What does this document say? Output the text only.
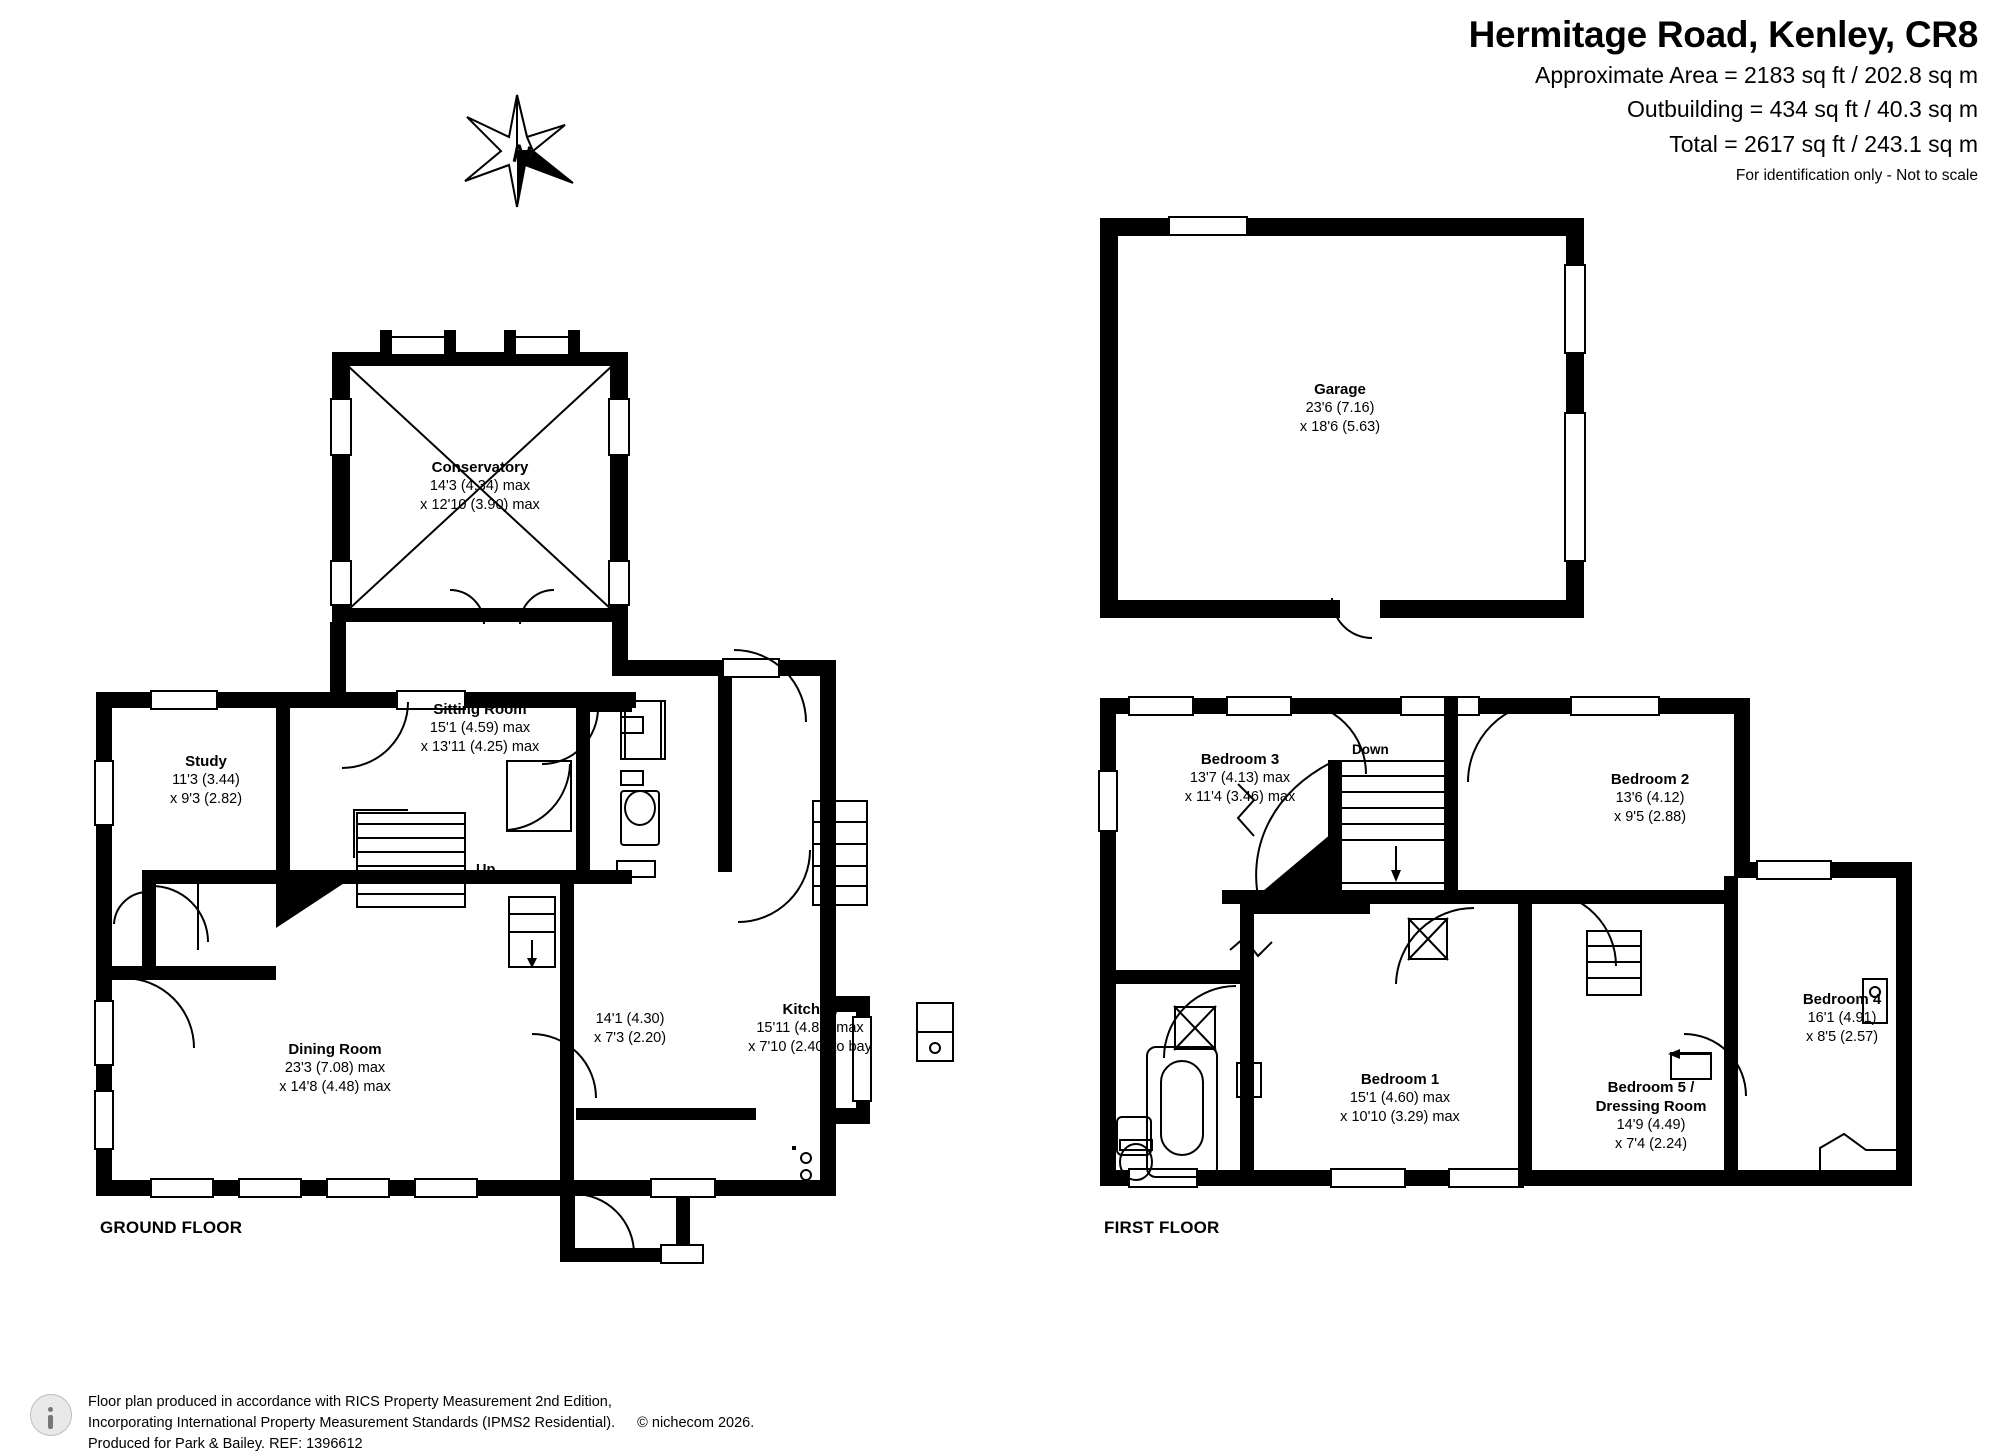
Hermitage Road, Kenley, CR8
Approximate Area = 2183 sq ft / 202.8 sq m
Outbuilding = 434 sq ft / 40.3 sq m
Total = 2617 sq ft / 243.1 sq m
For identification only - Not to scale
N
Conservatory
14'3 (4.34) max
x 12'10 (3.90) max
Up
Study
11'3 (3.44)
x 9'3 (2.82)
Sitting Room
15'1 (4.59) max
x 13'11 (4.25) max
Dining Room
23'3 (7.08) max
x 14'8 (4.48) max
14'1 (4.30)
x 7'3 (2.20)
Kitchen
15'11 (4.85) max
x 7'10 (2.40) to bay
GROUND FLOOR
Garage
23'6 (7.16)
x 18'6 (5.63)
Down
Bedroom 3
13'7 (4.13) max
x 11'4 (3.46) max
Bedroom 2
13'6 (4.12)
x 9'5 (2.88)
Bedroom 1
15'1 (4.60) max
x 10'10 (3.29) max
Bedroom 5 /
Dressing Room
14'9 (4.49)
x 7'4 (2.24)
Bedroom 4
16'1 (4.91)
x 8'5 (2.57)
FIRST FLOOR
Floor plan produced in accordance with RICS Property Measurement 2nd Edition,
Incorporating International Property Measurement Standards (IPMS2 Residential). © nichecom 2026.
Produced for Park & Bailey. REF: 1396612
